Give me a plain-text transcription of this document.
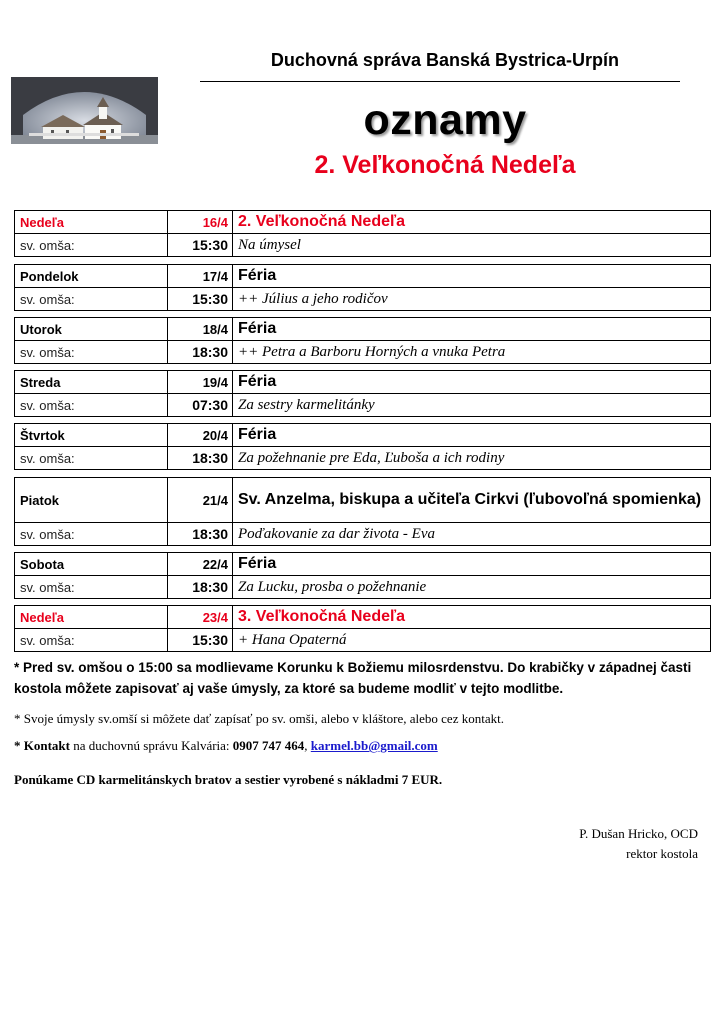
Duchovná správa Banská Bystrica-Urpín
oznamy
2. Veľkonočná Nedeľa
Nedeľa	16/4 2. Veľkonočná Nedeľa
sv. omša:	15:30 Na úmysel
Pondelok	17/4 Féria
sv. omša:	15:30 ++ Július a jeho rodičov
Utorok	18/4 Féria
sv. omša:	18:30 ++ Petra a Barboru Horných a vnuka Petra
Streda	19/4 Féria
sv. omša:	07:30 Za sestry karmelitánky
Štvrtok	20/4 Féria
sv. omša:	18:30 Za požehnanie pre Eda, Ľuboša a ich rodiny
Piatok	21/4 Sv. Anzelma, biskupa a učiteľa Cirkvi (ľubovoľná spomienka)
sv. omša:	18:30 Poďakovanie za dar života - Eva
Sobota	22/4 Féria
sv. omša:	18:30 Za Lucku, prosba o požehnanie
Nedeľa	23/4 3. Veľkonočná Nedeľa
sv. omša:	15:30 + Hana Opaterná
* Pred sv. omšou o 15:00 sa modlievame Korunku k Božiemu milosrdenstvu. Do krabičky v západnej časti kostola môžete zapisovať aj vaše úmysly, za ktoré sa budeme modliť v tejto modlitbe.
* Svoje úmysly sv.omší si môžete dať zapísať po sv. omši, alebo v kláštore, alebo cez kontakt.
* Kontakt na duchovnú správu Kalvária: 0907 747 464, karmel.bb@gmail.com
Ponúkame CD karmelitánskych bratov a sestier vyrobené s nákladmi 7 EUR.
P. Dušan Hricko, OCD
rektor kostola
